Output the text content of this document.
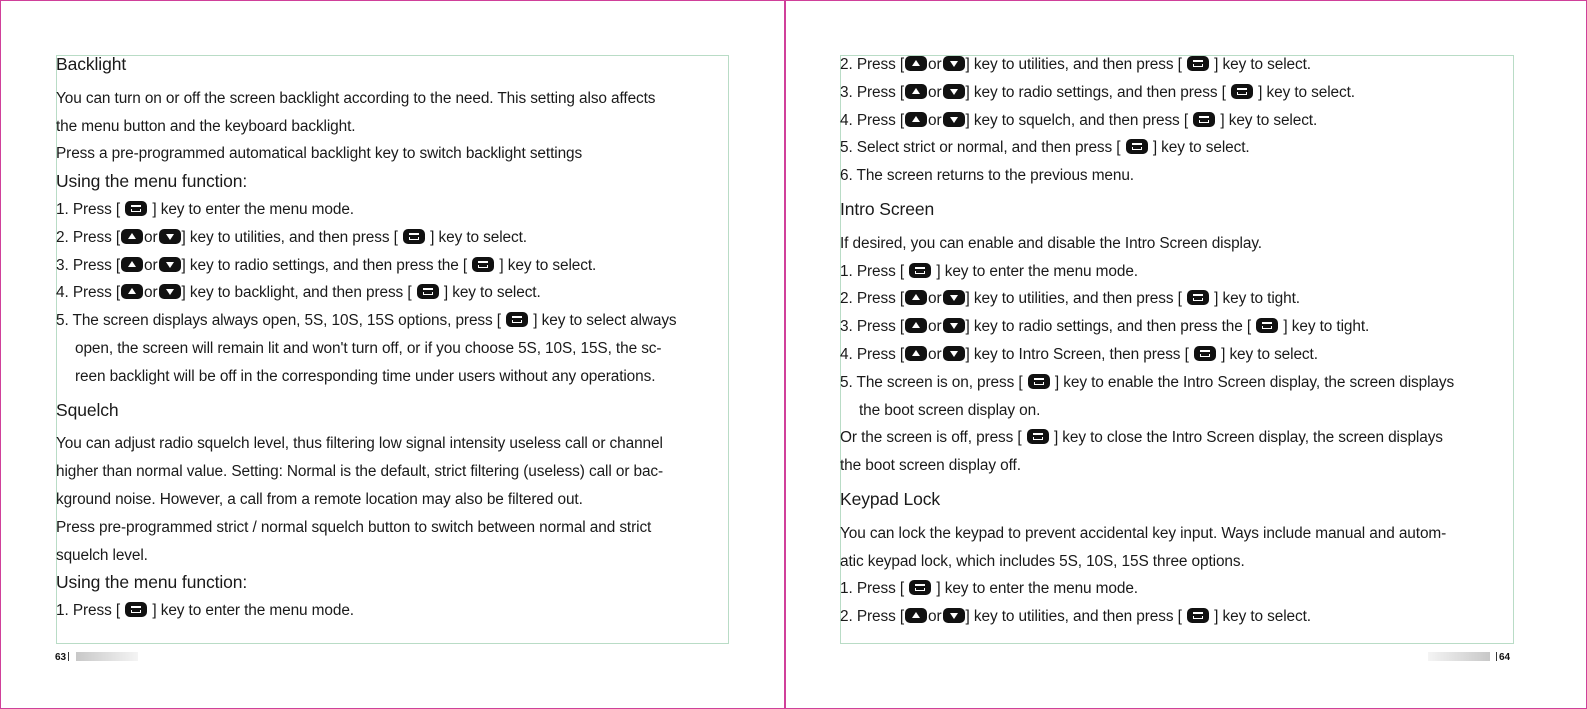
Backlight
You can turn on or off the screen backlight according to the need. This setting also affects
the menu button and the keyboard backlight.
Press a pre-programmed automatical backlight key to switch backlight settings
Using the menu function:
1. Press [  ] key to enter the menu mode.
2. Press [ or ] key to utilities, and then press [  ] key to select.
3. Press [ or ] key to radio settings, and then press the [  ] key to select.
4. Press [ or ] key to backlight, and then press [  ] key to select.
5. The screen displays always open, 5S, 10S, 15S options, press [  ] key to select always
open, the screen will remain lit and won't turn off, or if you choose 5S, 10S, 15S, the sc-
reen backlight will be off in the corresponding time under users without any operations.
Squelch
You can adjust radio squelch level, thus filtering low signal intensity useless call or channel
higher than normal value. Setting: Normal is the default, strict filtering (useless) call or bac-
kground noise. However, a call from a remote location may also be filtered out.
Press pre-programmed strict / normal squelch button to switch between normal and strict
squelch level.
Using the menu function:
1. Press [  ] key to enter the menu mode.
2. Press [ or ] key to utilities, and then press [  ] key to select.
3. Press [ or ] key to radio settings, and then press [  ] key to select.
4. Press [ or ] key to squelch, and then press [  ] key to select.
5. Select strict or normal, and then press [  ] key to select.
6. The screen returns to the previous menu.
Intro Screen
If desired, you can enable and disable the Intro Screen display.
1. Press [  ] key to enter the menu mode.
2. Press [ or ] key to utilities, and then press [  ] key to tight.
3. Press [ or ] key to radio settings, and then press the [  ] key to tight.
4. Press [ or ] key to Intro Screen, then press [  ] key to select.
5. The screen is on, press [  ] key to enable the Intro Screen display, the screen displays
the boot screen display on.
Or the screen is off, press [  ] key to close the Intro Screen display, the screen displays
the boot screen display off.
Keypad Lock
You can lock the keypad to prevent accidental key input. Ways include manual and autom-
atic keypad lock, which includes 5S, 10S, 15S three options.
1. Press [  ] key to enter the menu mode.
2. Press [ or ] key to utilities, and then press [  ] key to select.
63	64
